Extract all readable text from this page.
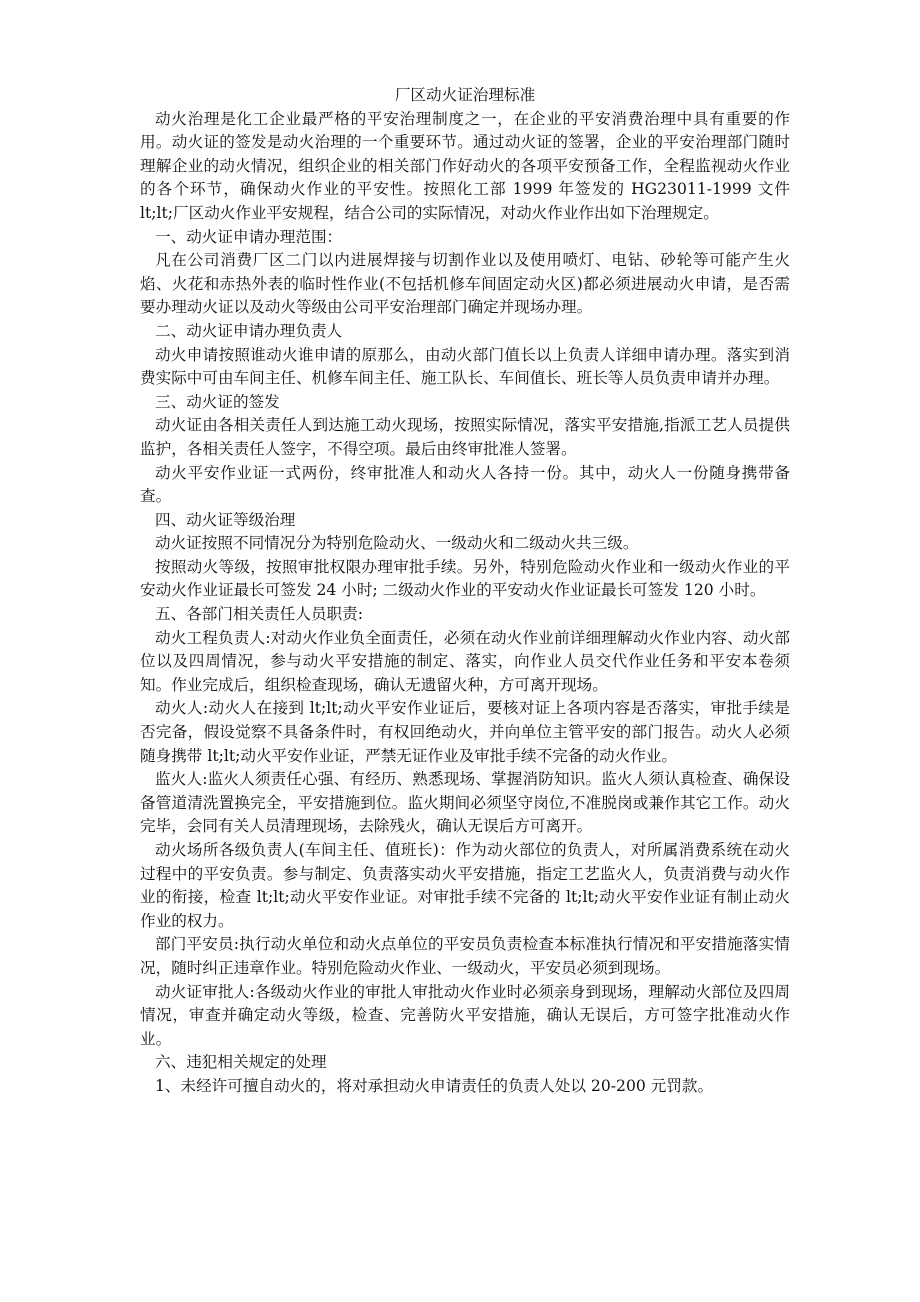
厂区动火证治理标准
动火治理是化工企业最严格的平安治理制度之一，在企业的平安消费治理中具有重要的作用。动火证的签发是动火治理的一个重要环节。通过动火证的签署，企业的平安治理部门随时理解企业的动火情况，组织企业的相关部门作好动火的各项平安预备工作，全程监视动火作业的各个环节，确保动火作业的平安性。按照化工部 1999 年签发的 HG23011-1999 文件 lt;lt;厂区动火作业平安规程，结合公司的实际情况，对动火作业作出如下治理规定。
一、动火证申请办理范围：
凡在公司消费厂区二门以内进展焊接与切割作业以及使用喷灯、电钻、砂轮等可能产生火焰、火花和赤热外表的临时性作业(不包括机修车间固定动火区)都必须进展动火申请，是否需要办理动火证以及动火等级由公司平安治理部门确定并现场办理。
二、动火证申请办理负责人
动火申请按照谁动火谁申请的原那么，由动火部门值长以上负责人详细申请办理。落实到消费实际中可由车间主任、机修车间主任、施工队长、车间值长、班长等人员负责申请并办理。
三、动火证的签发
动火证由各相关责任人到达施工动火现场，按照实际情况，落实平安措施,指派工艺人员提供监护，各相关责任人签字，不得空项。最后由终审批准人签署。
动火平安作业证一式两份，终审批准人和动火人各持一份。其中，动火人一份随身携带备查。
四、动火证等级治理
动火证按照不同情况分为特别危险动火、一级动火和二级动火共三级。
按照动火等级，按照审批权限办理审批手续。另外，特别危险动火作业和一级动火作业的平安动火作业证最长可签发 24 小时; 二级动火作业的平安动火作业证最长可签发 120 小时。
五、各部门相关责任人员职责:
动火工程负责人:对动火作业负全面责任，必须在动火作业前详细理解动火作业内容、动火部位以及四周情况，参与动火平安措施的制定、落实，向作业人员交代作业任务和平安本卷须知。作业完成后，组织检查现场，确认无遗留火种，方可离开现场。
动火人:动火人在接到 lt;lt;动火平安作业证后，要核对证上各项内容是否落实，审批手续是否完备，假设觉察不具备条件时，有权回绝动火，并向单位主管平安的部门报告。动火人必须随身携带 lt;lt;动火平安作业证，严禁无证作业及审批手续不完备的动火作业。
监火人:监火人须责任心强、有经历、熟悉现场、掌握消防知识。监火人须认真检查、确保设备管道清洗置换完全，平安措施到位。监火期间必须坚守岗位,不准脱岗或兼作其它工作。动火完毕，会同有关人员清理现场，去除残火，确认无误后方可离开。
动火场所各级负责人(车间主任、值班长)：作为动火部位的负责人，对所属消费系统在动火过程中的平安负责。参与制定、负责落实动火平安措施，指定工艺监火人，负责消费与动火作业的衔接，检查 lt;lt;动火平安作业证。对审批手续不完备的 lt;lt;动火平安作业证有制止动火作业的权力。
部门平安员:执行动火单位和动火点单位的平安员负责检查本标准执行情况和平安措施落实情况，随时纠正违章作业。特别危险动火作业、一级动火，平安员必须到现场。
动火证审批人:各级动火作业的审批人审批动火作业时必须亲身到现场，理解动火部位及四周情况，审查并确定动火等级，检查、完善防火平安措施，确认无误后，方可签字批准动火作业。
六、违犯相关规定的处理
1、未经许可擅自动火的，将对承担动火申请责任的负责人处以 20-200 元罚款。
